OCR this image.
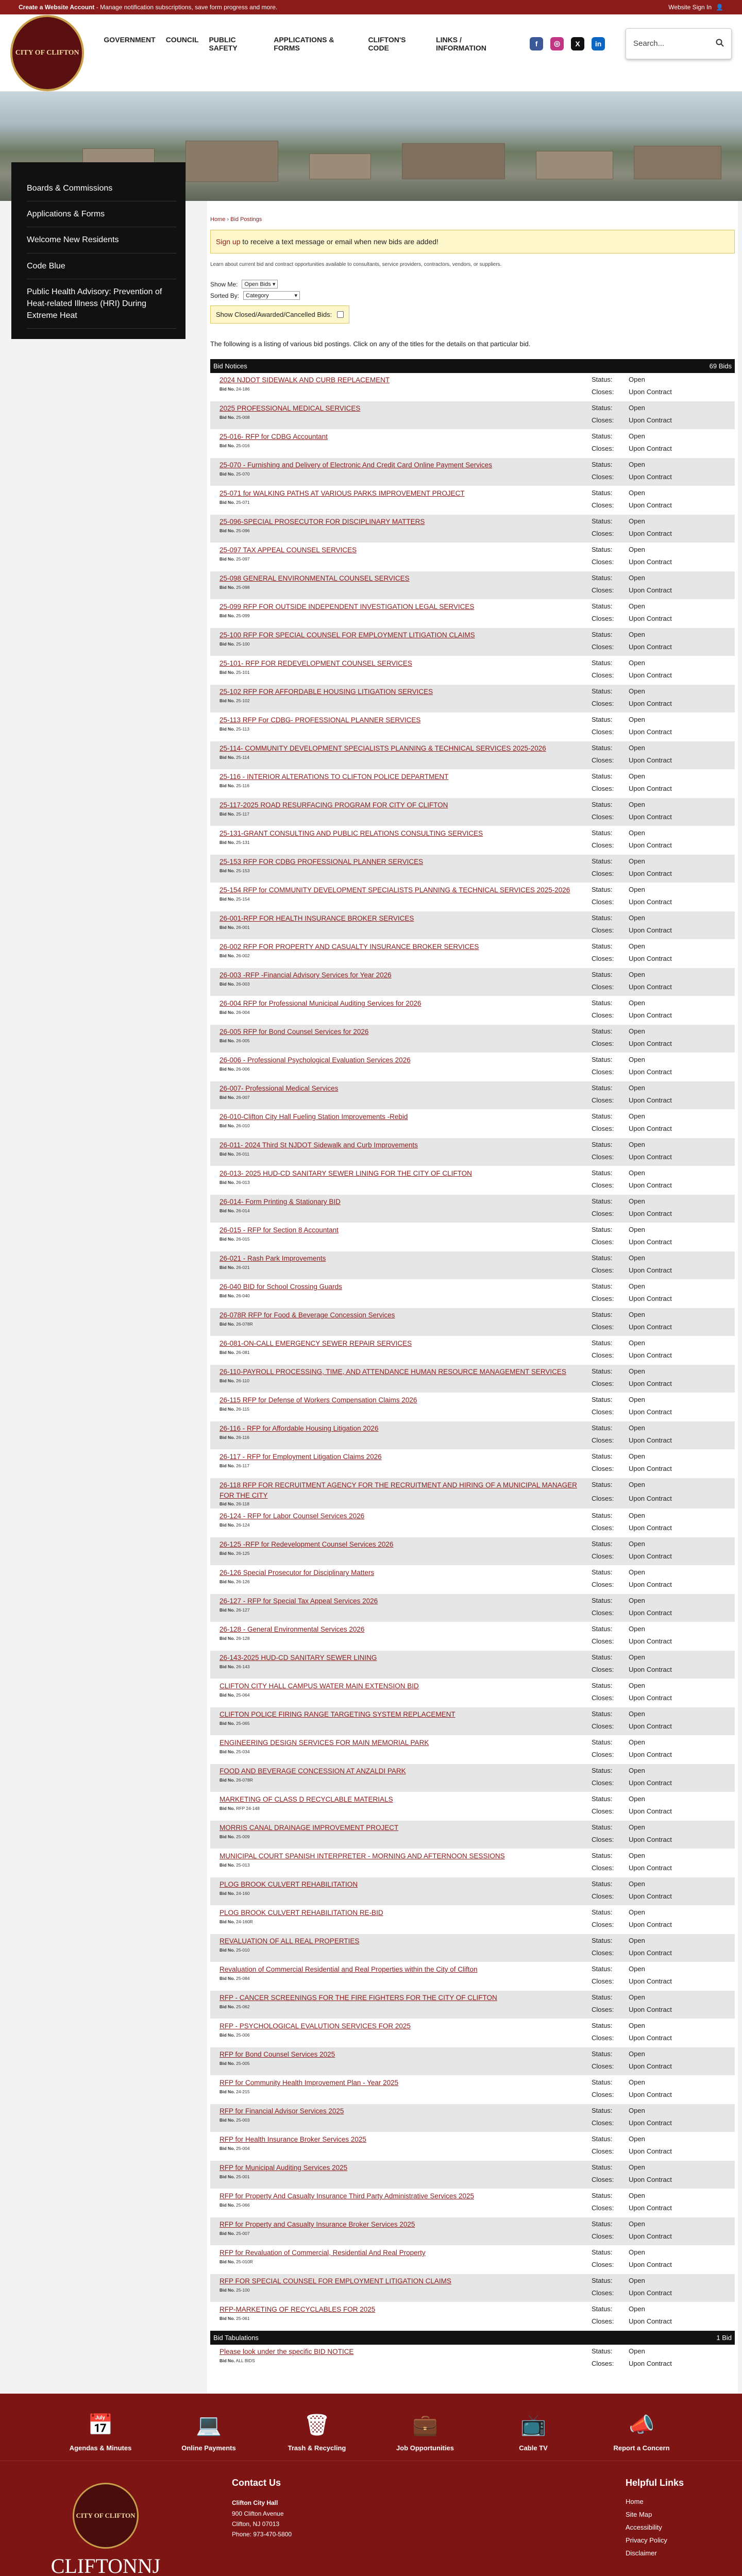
Create a Website Account - Manage notification subscriptions, save form progress and more.	Website Sign In 👤
CITY OF CLIFTON
GOVERNMENT COUNCIL PUBLIC SAFETY
APPLICATIONS & FORMS
CLIFTON'S CODE
LINKS / INFORMATION	f	◎	X	in	Search...
Boards & Commissions
Applications & Forms
Welcome New Residents
Code Blue
Public Health Advisory: Prevention of Heat-related Illness (HRI) During Extreme Heat
Home › Bid Postings
Sign up to receive a text message or email when new bids are added!
Learn about current bid and contract opportunities available to consultants, service providers, contractors, vendors, or suppliers.
Show Me: Open Bids ▾
Sorted By: Category	▾
Show Closed/Awarded/Cancelled Bids:
The following is a listing of various bid postings. Click on any of the titles for the details on that particular bid.
Bid Notices	69 Bids
2024 NJDOT SIDEWALK AND CURB REPLACEMENT
Bid No. 24-186
Status:	Open
Closes:	Upon Contract
2025 PROFESSIONAL MEDICAL SERVICES
Bid No. 25-008
Status:	Open
Closes:	Upon Contract
25-016- RFP for CDBG Accountant
Bid No. 25-016
Status:	Open
Closes:	Upon Contract
25-070 - Furnishing and Delivery of Electronic And Credit Card Online Payment Services
Bid No. 25-070
Status:	Open
Closes:	Upon Contract
25-071 for WALKING PATHS AT VARIOUS PARKS IMPROVEMENT PROJECT
Bid No. 25-071
Status:	Open
Closes:	Upon Contract
25-096-SPECIAL PROSECUTOR FOR DISCIPLINARY MATTERS
Bid No. 25-096
Status:	Open
Closes:	Upon Contract
25-097 TAX APPEAL COUNSEL SERVICES
Bid No. 25-097
Status:	Open
Closes:	Upon Contract
25-098 GENERAL ENVIRONMENTAL COUNSEL SERVICES
Bid No. 25-098
Status:	Open
Closes:	Upon Contract
25-099 RFP FOR OUTSIDE INDEPENDENT INVESTIGATION LEGAL SERVICES
Bid No. 25-099
Status:	Open
Closes:	Upon Contract
25-100 RFP FOR SPECIAL COUNSEL FOR EMPLOYMENT LITIGATION CLAIMS
Bid No. 25-100
Status:	Open
Closes:	Upon Contract
25-101- RFP FOR REDEVELOPMENT COUNSEL SERVICES
Bid No. 25-101
Status:	Open
Closes:	Upon Contract
25-102 RFP FOR AFFORDABLE HOUSING LITIGATION SERVICES
Bid No. 25-102
Status:	Open
Closes:	Upon Contract
25-113 RFP For CDBG- PROFESSIONAL PLANNER SERVICES
Bid No. 25-113
Status:	Open
Closes:	Upon Contract
25-114- COMMUNITY DEVELOPMENT SPECIALISTS PLANNING & TECHNICAL SERVICES 2025-2026
Bid No. 25-114
Status:	Open
Closes:	Upon Contract
25-116 - INTERIOR ALTERATIONS TO CLIFTON POLICE DEPARTMENT
Bid No. 25-116
Status:	Open
Closes:	Upon Contract
25-117-2025 ROAD RESURFACING PROGRAM FOR CITY OF CLIFTON
Bid No. 25-117
Status:	Open
Closes:	Upon Contract
25-131-GRANT CONSULTING AND PUBLIC RELATIONS CONSULTING SERVICES
Bid No. 25-131
Status:	Open
Closes:	Upon Contract
25-153 RFP FOR CDBG PROFESSIONAL PLANNER SERVICES
Bid No. 25-153
Status:	Open
Closes:	Upon Contract
25-154 RFP for COMMUNITY DEVELOPMENT SPECIALISTS PLANNING & TECHNICAL SERVICES 2025-2026
Bid No. 25-154
Status:	Open
Closes:	Upon Contract
26-001-RFP FOR HEALTH INSURANCE BROKER SERVICES
Bid No. 26-001
Status:	Open
Closes:	Upon Contract
26-002 RFP FOR PROPERTY AND CASUALTY INSURANCE BROKER SERVICES
Bid No. 26-002
Status:	Open
Closes:	Upon Contract
26-003 -RFP -Financial Advisory Services for Year 2026
Bid No. 26-003
Status:	Open
Closes:	Upon Contract
26-004 RFP for Professional Municipal Auditing Services for 2026
Bid No. 26-004
Status:	Open
Closes:	Upon Contract
26-005 RFP for Bond Counsel Services for 2026
Bid No. 26-005
Status:	Open
Closes:	Upon Contract
26-006 - Professional Psychological Evaluation Services 2026
Bid No. 26-006
Status:	Open
Closes:	Upon Contract
26-007- Professional Medical Services
Bid No. 26-007
Status:	Open
Closes:	Upon Contract
26-010-Clifton City Hall Fueling Station Improvements -Rebid
Bid No. 26-010
Status:	Open
Closes:	Upon Contract
26-011- 2024 Third St NJDOT Sidewalk and Curb Improvements
Bid No. 26-011
Status:	Open
Closes:	Upon Contract
26-013- 2025 HUD-CD SANITARY SEWER LINING FOR THE CITY OF CLIFTON
Bid No. 26-013
Status:	Open
Closes:	Upon Contract
26-014- Form Printing & Stationary BID
Bid No. 26-014
Status:	Open
Closes:	Upon Contract
26-015 - RFP for Section 8 Accountant
Bid No. 26-015
Status:	Open
Closes:	Upon Contract
26-021 - Rash Park Improvements
Bid No. 26-021
Status:	Open
Closes:	Upon Contract
26-040 BID for School Crossing Guards
Bid No. 26-040
Status:	Open
Closes:	Upon Contract
26-078R RFP for Food & Beverage Concession Services
Bid No. 26-078R
Status:	Open
Closes:	Upon Contract
26-081-ON-CALL EMERGENCY SEWER REPAIR SERVICES
Bid No. 26-081
Status:	Open
Closes:	Upon Contract
26-110-PAYROLL PROCESSING, TIME, AND ATTENDANCE HUMAN RESOURCE MANAGEMENT SERVICES
Bid No. 26-110
Status:	Open
Closes:	Upon Contract
26-115 RFP for Defense of Workers Compensation Claims 2026
Bid No. 26-115
Status:	Open
Closes:	Upon Contract
26-116 - RFP for Affordable Housing Litigation 2026
Bid No. 26-116
Status:	Open
Closes:	Upon Contract
26-117 - RFP for Employment Litigation Claims 2026
Bid No. 26-117
Status:	Open
Closes:	Upon Contract
26-118 RFP FOR RECRUITMENT AGENCY FOR THE RECRUITMENT AND HIRING OF A MUNICIPAL MANAGER FOR THE CITY
Bid No. 26-118
Status:	Open
Closes:	Upon Contract
26-124 - RFP for Labor Counsel Services 2026
Bid No. 26-124
Status:	Open
Closes:	Upon Contract
26-125 -RFP for Redevelopment Counsel Services 2026
Bid No. 26-125
Status:	Open
Closes:	Upon Contract
26-126 Special Prosecutor for Disciplinary Matters
Bid No. 26-126
Status:	Open
Closes:	Upon Contract
26-127 - RFP for Special Tax Appeal Services 2026
Bid No. 26-127
Status:	Open
Closes:	Upon Contract
26-128 - General Environmental Services 2026
Bid No. 26-128
Status:	Open
Closes:	Upon Contract
26-143-2025 HUD-CD SANITARY SEWER LINING
Bid No. 26-143
Status:	Open
Closes:	Upon Contract
CLIFTON CITY HALL CAMPUS WATER MAIN EXTENSION BID
Bid No. 25-064
Status:	Open
Closes:	Upon Contract
CLIFTON POLICE FIRING RANGE TARGETING SYSTEM REPLACEMENT
Bid No. 25-065
Status:	Open
Closes:	Upon Contract
ENGINEERING DESIGN SERVICES FOR MAIN MEMORIAL PARK
Bid No. 25-034
Status:	Open
Closes:	Upon Contract
FOOD AND BEVERAGE CONCESSION AT ANZALDI PARK
Bid No. 26-078R
Status:	Open
Closes:	Upon Contract
MARKETING OF CLASS D RECYCLABLE MATERIALS
Bid No. RFP 24-148
Status:	Open
Closes:	Upon Contract
MORRIS CANAL DRAINAGE IMPROVEMENT PROJECT
Bid No. 25-009
Status:	Open
Closes:	Upon Contract
MUNICIPAL COURT SPANISH INTERPRETER - MORNING AND AFTERNOON SESSIONS
Bid No. 25-013
Status:	Open
Closes:	Upon Contract
PLOG BROOK CULVERT REHABILITATION
Bid No. 24-160
Status:	Open
Closes:	Upon Contract
PLOG BROOK CULVERT REHABILITATION RE-BID
Bid No. 24-160R
Status:	Open
Closes:	Upon Contract
REVALUATION OF ALL REAL PROPERTIES
Bid No. 25-010
Status:	Open
Closes:	Upon Contract
Revaluation of Commercial Residential and Real Properties within the City of Clifton
Bid No. 25-084
Status:	Open
Closes:	Upon Contract
RFP - CANCER SCREENINGS FOR THE FIRE FIGHTERS FOR THE CITY OF CLIFTON
Bid No. 25-062
Status:	Open
Closes:	Upon Contract
RFP - PSYCHOLOGICAL EVALUTION SERVICES FOR 2025
Bid No. 25-006
Status:	Open
Closes:	Upon Contract
RFP for Bond Counsel Services 2025
Bid No. 25-005
Status:	Open
Closes:	Upon Contract
RFP for Community Health Improvement Plan - Year 2025
Bid No. 24-215
Status:	Open
Closes:	Upon Contract
RFP for Financial Advisor Services 2025
Bid No. 25-003
Status:	Open
Closes:	Upon Contract
RFP for Health Insurance Broker Services 2025
Bid No. 25-004
Status:	Open
Closes:	Upon Contract
RFP for Municipal Auditing Services 2025
Bid No. 25-001
Status:	Open
Closes:	Upon Contract
RFP for Property And Casualty Insurance Third Party Administrative Services 2025
Bid No. 25-066
Status:	Open
Closes:	Upon Contract
RFP for Property and Casualty Insurance Broker Services 2025
Bid No. 25-007
Status:	Open
Closes:	Upon Contract
RFP for Revaluation of Commercial, Residential And Real Property
Bid No. 25-010R
Status:	Open
Closes:	Upon Contract
RFP FOR SPECIAL COUNSEL FOR EMPLOYMENT LITIGATION CLAIMS
Bid No. 25-100
Status:	Open
Closes:	Upon Contract
RFP-MARKETING OF RECYCLABLES FOR 2025
Bid No. 25-061
Status:	Open
Closes:	Upon Contract
Bid Tabulations	1 Bid
Please look under the specific BID NOTICE
Bid No. ALL BIDS
Status:	Open
Closes:	Upon Contract
📅
Agendas & Minutes
💻
Online Payments
🗑
Trash & Recycling
💼
Job Opportunities
📺
Cable TV
📣
Report a Concern
CITY OF CLIFTON
CLIFTONNJ
Contact Us
Clifton City Hall
900 Clifton Avenue
Clifton, NJ 07013
Phone: 973-470-5800
Helpful Links
Home
Site Map
Accessibility
Privacy Policy
Disclaimer
